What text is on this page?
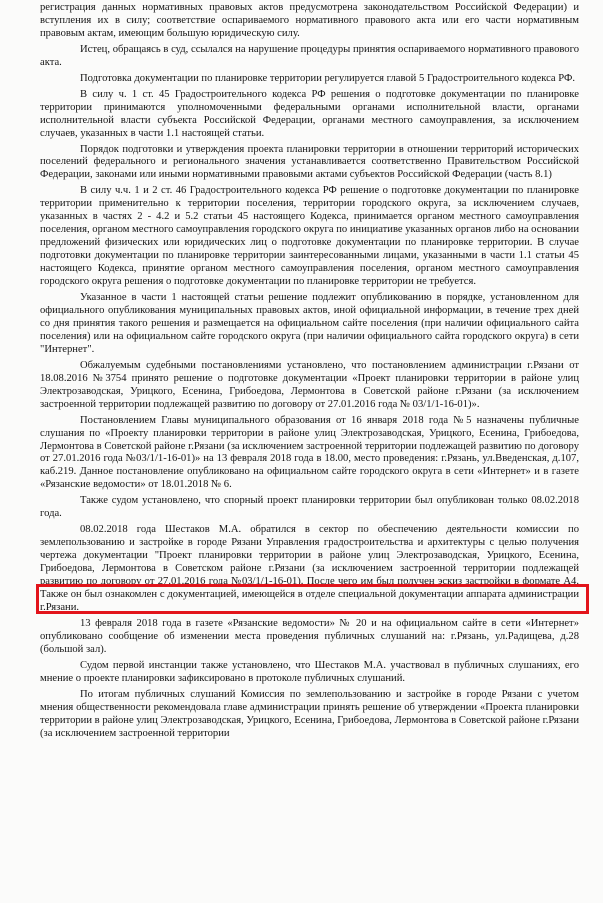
регистрация данных нормативных правовых актов предусмотрена законодательством Российской Федерации) и вступления их в силу; соответствие оспариваемого нормативного правового акта или его части нормативным правовым актам, имеющим большую юридическую силу.

Истец, обращаясь в суд, ссылался на нарушение процедуры принятия оспариваемого нормативного правового акта.

Подготовка документации по планировке территории регулируется главой 5 Градостроительного кодекса РФ.

В силу ч. 1 ст. 45 Градостроительного кодекса РФ решения о подготовке документации по планировке территории принимаются уполномоченными федеральными органами исполнительной власти, органами исполнительной власти субъекта Российской Федерации, органами местного самоуправления, за исключением случаев, указанных в части 1.1 настоящей статьи.

Порядок подготовки и утверждения проекта планировки территории в отношении территорий исторических поселений федерального и регионального значения устанавливается соответственно Правительством Российской Федерации, законами или иными нормативными правовыми актами субъектов Российской Федерации (часть 8.1)

В силу ч.ч. 1 и 2 ст. 46 Градостроительного кодекса РФ решение о подготовке документации по планировке территории применительно к территории поселения, территории городского округа, за исключением случаев, указанных в частях 2 - 4.2 и 5.2 статьи 45 настоящего Кодекса, принимается органом местного самоуправления поселения, органом местного самоуправления городского округа по инициативе указанных органов либо на основании предложений физических или юридических лиц о подготовке документации по планировке территории. В случае подготовки документации по планировке территории заинтересованными лицами, указанными в части 1.1 статьи 45 настоящего Кодекса, принятие органом местного самоуправления поселения, органом местного самоуправления городского округа решения о подготовке документации по планировке территории не требуется.

Указанное в части 1 настоящей статьи решение подлежит опубликованию в порядке, установленном для официального опубликования муниципальных правовых актов, иной официальной информации, в течение трех дней со дня принятия такого решения и размещается на официальном сайте поселения (при наличии официального сайта поселения) или на официальном сайте городского округа (при наличии официального сайта городского округа) в сети "Интернет".

Обжалуемым судебными постановлениями установлено, что постановлением администрации г.Рязани от 18.08.2016 №3754 принято решение о подготовке документации «Проект планировки территории в районе улиц Электрозаводская, Урицкого, Есенина, Грибоедова, Лермонтова в Советской районе г.Рязани (за исключением застроенной территории подлежащей развитию по договору от 27.01.2016 года № 03/1/1-16-01)».

Постановлением Главы муниципального образования от 16 января 2018 года №5 назначены публичные слушания по «Проекту планировки территории в районе улиц Электрозаводская, Урицкого, Есенина, Грибоедова, Лермонтова в Советской районе г.Рязани (за исключением застроенной территории подлежащей развитию по договору от 27.01.2016 года №03/1/1-16-01)» на 13 февраля 2018 года в 18.00, место проведения: г.Рязань, ул.Введенская, д.107, каб.219. Данное постановление опубликовано на официальном сайте городского округа в сети «Интернет» и в газете «Рязанские ведомости» от 18.01.2018 № 6.

Также судом установлено, что спорный проект планировки территории был опубликован только 08.02.2018 года.

08.02.2018 года Шестаков М.А. обратился в сектор по обеспечению деятельности комиссии по землепользованию и застройке в городе Рязани Управления градостроительства и архитектуры с целью получения чертежа документации "Проект планировки территории в районе улиц Электрозаводская, Урицкого, Есенина, Грибоедова, Лермонтова в Советском районе г.Рязани (за исключением застроенной территории подлежащей развитию по договору от 27.01.2016 года №03/1/1-16-01). После чего им был получен эскиз застройки в формате А4. Также он был ознакомлен с документацией, имеющейся в отделе специальной документации аппарата администрации г.Рязани.

13 февраля 2018 года в газете «Рязанские ведомости» № 20 и на официальном сайте в сети «Интернет» опубликовано сообщение об изменении места проведения публичных слушаний на: г.Рязань, ул.Радищева, д.28 (большой зал).

Судом первой инстанции также установлено, что Шестаков М.А. участвовал в публичных слушаниях, его мнение о проекте планировки зафиксировано в протоколе публичных слушаний.

По итогам публичных слушаний Комиссия по землепользованию и застройке в городе Рязани с учетом мнения общественности рекомендовала главе администрации принять решение об утверждении «Проекта планировки территории в районе улиц Электрозаводская, Урицкого, Есенина, Грибоедова, Лермонтова в Советской районе г.Рязани (за исключением застроенной территории
